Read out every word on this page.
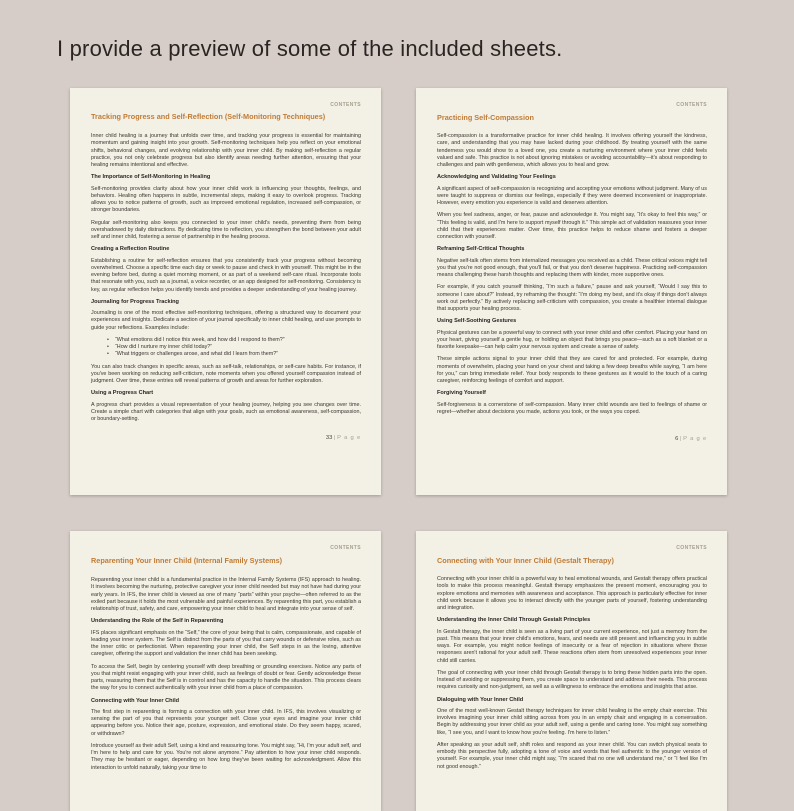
I provide a preview of some of the included sheets.
CONTENTS
Tracking Progress and Self-Reflection (Self-Monitoring Techniques)
Inner child healing is a journey that unfolds over time, and tracking your progress is essential for maintaining momentum and gaining insight into your growth. Self-monitoring techniques help you reflect on your emotional shifts, behavioral changes, and evolving relationship with your inner child. By making self-reflection a regular practice, you not only celebrate progress but also identify areas needing further attention, ensuring that your healing remains intentional and effective.
The Importance of Self-Monitoring in Healing
Self-monitoring provides clarity about how your inner child work is influencing your thoughts, feelings, and behaviors. Healing often happens in subtle, incremental steps, making it easy to overlook progress. Tracking allows you to notice patterns of growth, such as improved emotional regulation, increased self-compassion, or stronger boundaries.
Regular self-monitoring also keeps you connected to your inner child's needs, preventing them from being overshadowed by daily distractions. By dedicating time to reflection, you strengthen the bond between your adult self and inner child, fostering a sense of partnership in the healing process.
Creating a Reflection Routine
Establishing a routine for self-reflection ensures that you consistently track your progress without becoming overwhelmed. Choose a specific time each day or week to pause and check in with yourself. This might be in the evening before bed, during a quiet morning moment, or as part of a weekend self-care ritual. Incorporate tools that resonate with you, such as a journal, a voice recorder, or an app designed for self-monitoring. Consistency is key, as regular reflection helps you identify trends and provides a deeper understanding of your healing journey.
Journaling for Progress Tracking
Journaling is one of the most effective self-monitoring techniques, offering a structured way to document your experiences and insights. Dedicate a section of your journal specifically to inner child healing, and use prompts to guide your reflections. Examples include:
• “What emotions did I notice this week, and how did I respond to them?”
• “How did I nurture my inner child today?”
• “What triggers or challenges arose, and what did I learn from them?”
You can also track changes in specific areas, such as self-talk, relationships, or self-care habits. For instance, if you've been working on reducing self-criticism, note moments when you offered yourself compassion instead of judgment. Over time, these entries will reveal patterns of growth and areas for further exploration.
Using a Progress Chart
A progress chart provides a visual representation of your healing journey, helping you see changes over time. Create a simple chart with categories that align with your goals, such as emotional awareness, self-compassion, or boundary-setting.
33 | P a g e
CONTENTS
Practicing Self-Compassion
Self-compassion is a transformative practice for inner child healing. It involves offering yourself the kindness, care, and understanding that you may have lacked during your childhood. By treating yourself with the same tenderness you would show to a loved one, you create a nurturing environment where your inner child feels valued and safe. This practice is not about ignoring mistakes or avoiding accountability—it's about responding to challenges and pain with gentleness, which allows you to heal and grow.
Acknowledging and Validating Your Feelings
A significant aspect of self-compassion is recognizing and accepting your emotions without judgment. Many of us were taught to suppress or dismiss our feelings, especially if they were deemed inconvenient or inappropriate. However, every emotion you experience is valid and deserves attention.
When you feel sadness, anger, or fear, pause and acknowledge it. You might say, “It's okay to feel this way,” or “This feeling is valid, and I'm here to support myself through it.” This simple act of validation reassures your inner child that their experiences matter. Over time, this practice helps to reduce shame and fosters a deeper connection with yourself.
Reframing Self-Critical Thoughts
Negative self-talk often stems from internalized messages you received as a child. These critical voices might tell you that you're not good enough, that you'll fail, or that you don't deserve happiness. Practicing self-compassion means challenging these harsh thoughts and replacing them with kinder, more supportive ones.
For example, if you catch yourself thinking, “I'm such a failure,” pause and ask yourself, “Would I say this to someone I care about?” Instead, try reframing the thought: “I'm doing my best, and it's okay if things don't always work out perfectly.” By actively replacing self-criticism with compassion, you create a healthier internal dialogue that supports your healing process.
Using Self-Soothing Gestures
Physical gestures can be a powerful way to connect with your inner child and offer comfort. Placing your hand on your heart, giving yourself a gentle hug, or holding an object that brings you peace—such as a soft blanket or a favorite keepsake—can help calm your nervous system and create a sense of safety.
These simple actions signal to your inner child that they are cared for and protected. For example, during moments of overwhelm, placing your hand on your chest and taking a few deep breaths while saying, “I am here for you,” can bring immediate relief. Your body responds to these gestures as it would to the touch of a caring caregiver, reinforcing feelings of comfort and support.
Forgiving Yourself
Self-forgiveness is a cornerstone of self-compassion. Many inner child wounds are tied to feelings of shame or regret—whether about decisions you made, actions you took, or the ways you coped.
6 | P a g e
CONTENTS
Reparenting Your Inner Child (Internal Family Systems)
Reparenting your inner child is a fundamental practice in the Internal Family Systems (IFS) approach to healing. It involves becoming the nurturing, protective caregiver your inner child needed but may not have had during your early years. In IFS, the inner child is viewed as one of many “parts” within your psyche—often referred to as the exiled part because it holds the most vulnerable and painful experiences. By reparenting this part, you establish a relationship of trust, safety, and care, empowering your inner child to heal and integrate into your sense of self.
Understanding the Role of the Self in Reparenting
IFS places significant emphasis on the “Self,” the core of your being that is calm, compassionate, and capable of leading your inner system. The Self is distinct from the parts of you that carry wounds or defensive roles, such as the inner critic or perfectionist. When reparenting your inner child, the Self steps in as the loving, attentive caregiver, offering the support and validation the inner child has been seeking.
To access the Self, begin by centering yourself with deep breathing or grounding exercises. Notice any parts of you that might resist engaging with your inner child, such as feelings of doubt or fear. Gently acknowledge these parts, reassuring them that the Self is in control and has the capacity to handle the situation. This process clears the way for you to connect authentically with your inner child from a place of compassion.
Connecting with Your Inner Child
The first step in reparenting is forming a connection with your inner child. In IFS, this involves visualizing or sensing the part of you that represents your younger self. Close your eyes and imagine your inner child appearing before you. Notice their age, posture, expression, and emotional state. Do they seem happy, scared, or withdrawn?
Introduce yourself as their adult Self, using a kind and reassuring tone. You might say, “Hi, I'm your adult self, and I'm here to help and care for you. You're not alone anymore.” Pay attention to how your inner child responds. They may be hesitant or eager, depending on how long they've been waiting for acknowledgment. Allow this interaction to unfold naturally, taking your time to
CONTENTS
Connecting with Your Inner Child (Gestalt Therapy)
Connecting with your inner child is a powerful way to heal emotional wounds, and Gestalt therapy offers practical tools to make this process meaningful. Gestalt therapy emphasizes the present moment, encouraging you to explore emotions and memories with awareness and acceptance. This approach is particularly effective for inner child work because it allows you to interact directly with the younger parts of yourself, fostering understanding and integration.
Understanding the Inner Child Through Gestalt Principles
In Gestalt therapy, the inner child is seen as a living part of your current experience, not just a memory from the past. This means that your inner child's emotions, fears, and needs are still present and influencing you in subtle ways. For example, you might notice feelings of insecurity or a fear of rejection in situations where those responses aren't rational for your adult self. These reactions often stem from unresolved experiences your inner child still carries.
The goal of connecting with your inner child through Gestalt therapy is to bring these hidden parts into the open. Instead of avoiding or suppressing them, you create space to understand and address their needs. This process requires curiosity and non-judgment, as well as a willingness to embrace the emotions and insights that arise.
Dialoguing with Your Inner Child
One of the most well-known Gestalt therapy techniques for inner child healing is the empty chair exercise. This involves imagining your inner child sitting across from you in an empty chair and engaging in a conversation. Begin by addressing your inner child as your adult self, using a gentle and caring tone. You might say something like, “I see you, and I want to know how you're feeling. I'm here to listen.”
After speaking as your adult self, shift roles and respond as your inner child. You can switch physical seats to embody this perspective fully, adopting a tone of voice and words that feel authentic to the younger version of yourself. For example, your inner child might say, “I'm scared that no one will understand me,” or “I feel like I'm not good enough.”
